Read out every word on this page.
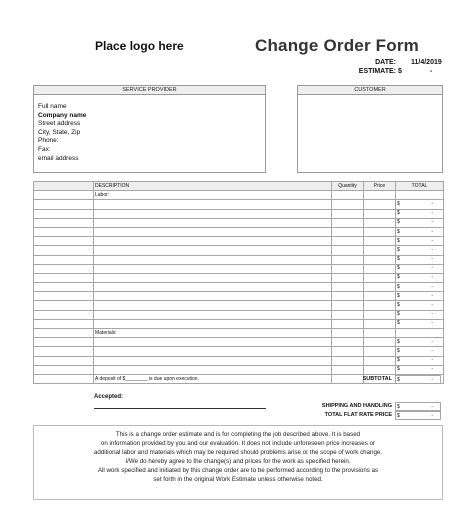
Place logo here	Change Order Form
DATE: 11/4/2019
ESTIMATE: $	-
SERVICE PROVIDER
Full name
Company name
Street address
City, State, Zip
Phone:
Fax:
email address
CUSTOMER
	DESCRIPTION	Quantity	Price	TOTAL
	Labor:			
				$ -
				$ -
				$ -
				$ -
				$ -
				$ -
				$ -
				$ -
				$ -
				$ -
				$ -
				$ -
				$ -
				$ -
	Materials:			
				$ -
				$ -
				$ -
				$ -
	A deposit of $________ is due upon execution.				SUBTOTAL	$	-
Accepted:
SHIPPING AND HANDLING	$	-
TOTAL FLAT RATE PRICE	$	-
This is a change order estimate and is for completing the job described above. It is based
on information provided by you and our evaluation. It does not include unforeseen price increases or
additional labor and materials which may be required should problems arise or the scope of work change.
I/We do hereby agree to the change(s) and prices for the work as specified herein.
All work specified and initiated by this change order are to be performed according to the provisions as
set forth in the original Work Estimate unless otherwise noted.
